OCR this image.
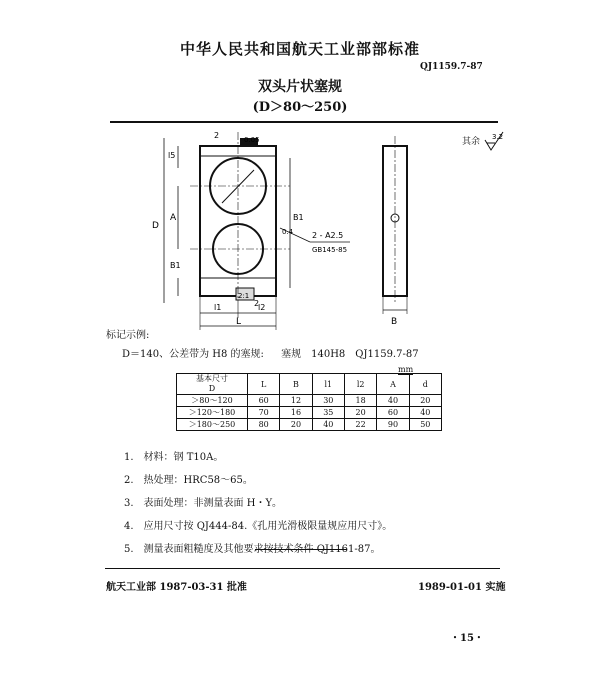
中华人民共和国航天工业部部标准
QJ1159.7-87
双头片状塞规
(D＞80～250)
其余 3.2
2	0.05
l5
D
A
B1
B1
l1	l2
L
2
2:1
0.4 2 - A2.5
GB145-85
B
标记示例:
D＝140、公差带为 H8 的塞规: 塞规　140H8　QJ1159.7-87
mm
基本尺寸
D	L	B	l1	l2	A	d
＞80～120	60	12	30	18	40	20
＞120～180	70	16	35	20	60	40
＞180～250	80	20	40	22	90	50
1.　材料：钢 T10A。
2.　热处理：HRC58～65。
3.　表面处理：非测量表面 H・Y。
4.　应用尺寸按 QJ444-84.《孔用光滑极限量规应用尺寸》。
5.　测量表面粗糙度及其他要求按技术条件 QJ1161-87。
航天工业部 1987-03-31 批准	1989-01-01 实施
・15・
